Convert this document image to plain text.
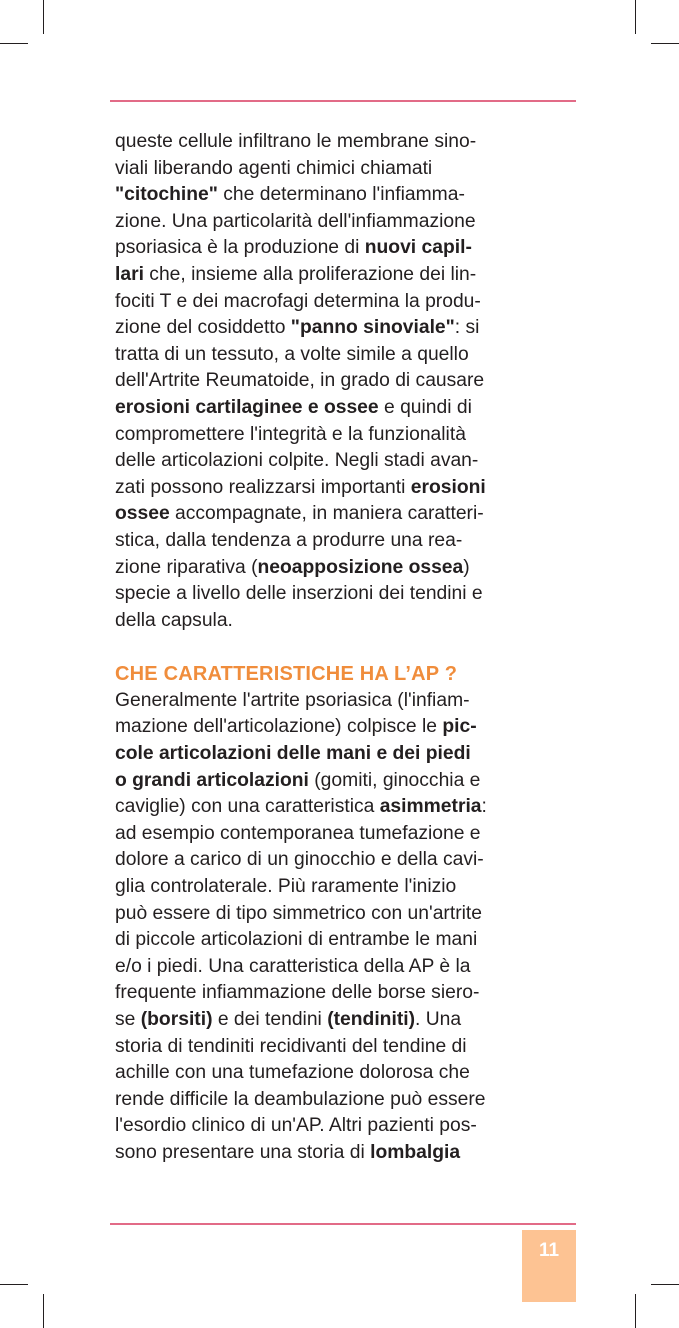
queste cellule infiltrano le membrane sino-
viali liberando agenti chimici chiamati
"citochine" che determinano l'infiamma-
zione. Una particolarità dell'infiammazione
psoriasica è la produzione di nuovi capil-
lari che, insieme alla proliferazione dei lin-
fociti T e dei macrofagi determina la produ-
zione del cosiddetto "panno sinoviale": si
tratta di un tessuto, a volte simile a quello
dell'Artrite Reumatoide, in grado di causare
erosioni cartilaginee e ossee e quindi di
compromettere l'integrità e la funzionalità
delle articolazioni colpite. Negli stadi avan-
zati possono realizzarsi importanti erosioni
ossee accompagnate, in maniera caratteri-
stica, dalla tendenza a produrre una rea-
zione riparativa (neoapposizione ossea)
specie a livello delle inserzioni dei tendini e
della capsula.
CHE CARATTERISTICHE HA L’AP ?
Generalmente l'artrite psoriasica (l'infiam-
mazione dell'articolazione) colpisce le pic-
cole articolazioni delle mani e dei piedi
o grandi articolazioni (gomiti, ginocchia e
caviglie) con una caratteristica asimmetria:
ad esempio contemporanea tumefazione e
dolore a carico di un ginocchio e della cavi-
glia controlaterale. Più raramente l'inizio
può essere di tipo simmetrico con un'artrite
di piccole articolazioni di entrambe le mani
e/o i piedi. Una caratteristica della AP è la
frequente infiammazione delle borse siero-
se (borsiti) e dei tendini (tendiniti). Una
storia di tendiniti recidivanti del tendine di
achille con una tumefazione dolorosa che
rende difficile la deambulazione può essere
l'esordio clinico di un'AP. Altri pazienti pos-
sono presentare una storia di lombalgia
11
